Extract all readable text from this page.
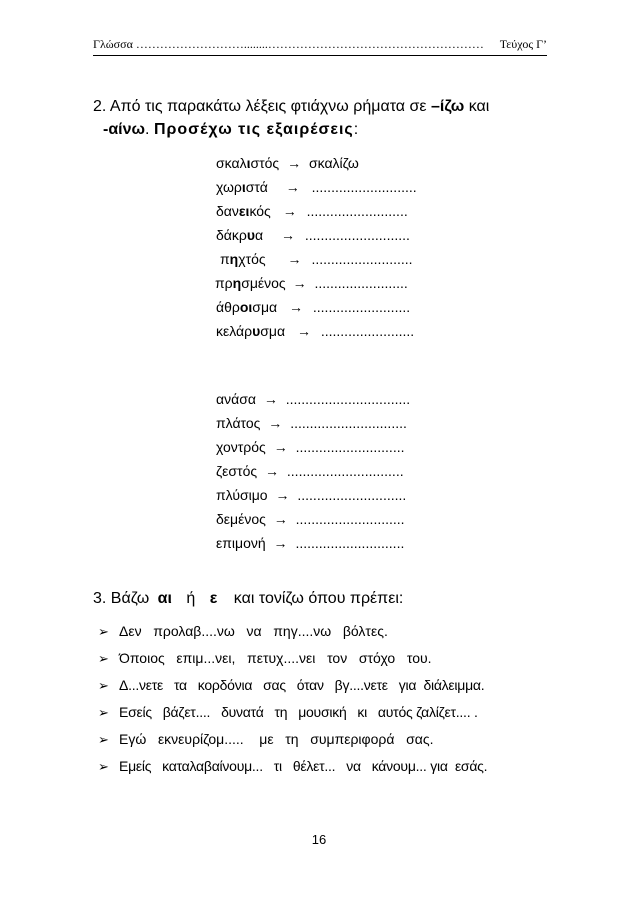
Γλώσσα ………………………........……………………………………………… Τεύχος Γ’
2. Από τις παρακάτω λέξεις φτιάχνω ρήματα σε –ίζω και
-αίνω. Προσέχω τις εξαιρέσεις:
σκαλιστός → σκαλίζω
χωριστά → ...........................
δανεικός → ..........................
δάκρυα → ...........................
πηχτός → ..........................
πρησμένος → ........................
άθροισμα → .........................
κελάρυσμα → ........................
ανάσα → ................................
πλάτος → ..............................
χοντρός → ............................
ζεστός → ..............................
πλύσιμο → ............................
δεμένος → ............................
επιμονή → ............................
3. Βάζω αι ή ε και τονίζω όπου πρέπει:
➢ Δεν   προλαβ....νω   να   πηγ....νω   βόλτες.
➢ Όποιος   επιμ...νει,   πετυχ....νει   τον   στόχο   του.
➢ Δ...νετε   τα   κορδόνια   σας   όταν   βγ....νετε   για  διάλειμμα.
➢ Εσείς   βάζετ....   δυνατά   τη   μουσική   κι   αυτός ζαλίζετ.... .
➢ Εγώ   εκνευρίζομ.....    με   τη   συμπεριφορά   σας.
➢ Εμείς   καταλαβαίνουμ...   τι   θέλετ...   να   κάνουμ... για  εσάς.
16
